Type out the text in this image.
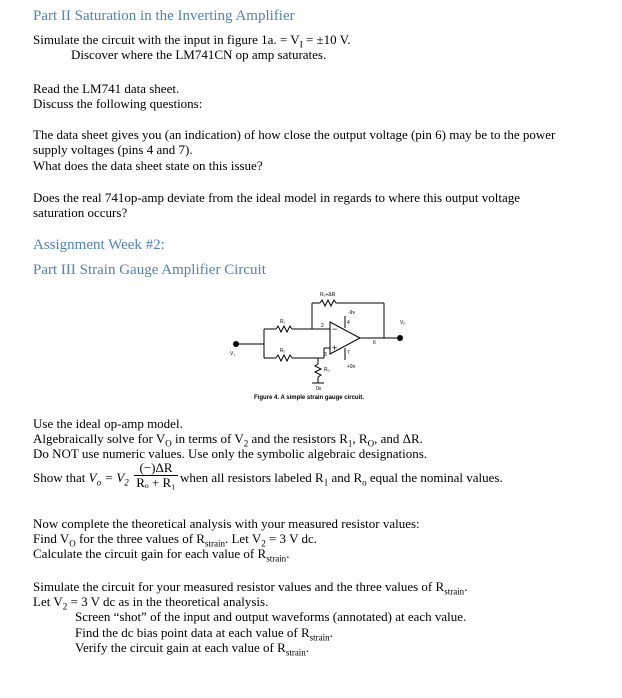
Part II Saturation in the Inverting Amplifier
Simulate the circuit with the input in figure 1a. = $V_I = \pm 10$ V.
Discover where the LM741CN op amp saturates.
Read the LM741 data sheet.
Discuss the following questions:
The data sheet gives you (an indication) of how close the output voltage (pin 6) may be to the power
supply voltages (pins 4 and 7).
What does the data sheet state on this issue?
Does the real 741op-amp deviate from the ideal model in regards to where this output voltage
saturation occurs?
Assignment Week #2:
Part III Strain Gauge Amplifier Circuit
−
+
Rₒ+ΔR
-9v
R₁
R₁
Rₒ
V₁
Vₒ
+9v
0v
2
3
4
6
7
Figure 4. A simple strain gauge circuit.
Use the ideal op-amp model.
Algebraically solve for $V_O$ in terms of $V_2$ and the resistors $R_1$, $R_O$, and ΔR.
Do NOT use numeric values. Use only the symbolic algebraic designations.
Show that $V_o = V_2 \frac{(-)\Delta R}{\text{Rₒ + R₁}}$ when all resistors labeled $R_1$ and $R_o$ equal the nominal values.
Now complete the theoretical analysis with your measured resistor values:
Find $V_O$ for the three values of $R_{strain}$. Let $V_2 = 3$ V dc.
Calculate the circuit gain for each value of $R_{strain}$.
Simulate the circuit for your measured resistor values and the three values of $R_{strain}$.
Let $V_2 = 3$ V dc as in the theoretical analysis.
Screen “shot” of the input and output waveforms (annotated) at each value.
Find the dc bias point data at each value of $R_{strain}$.
Verify the circuit gain at each value of $R_{strain}$.
